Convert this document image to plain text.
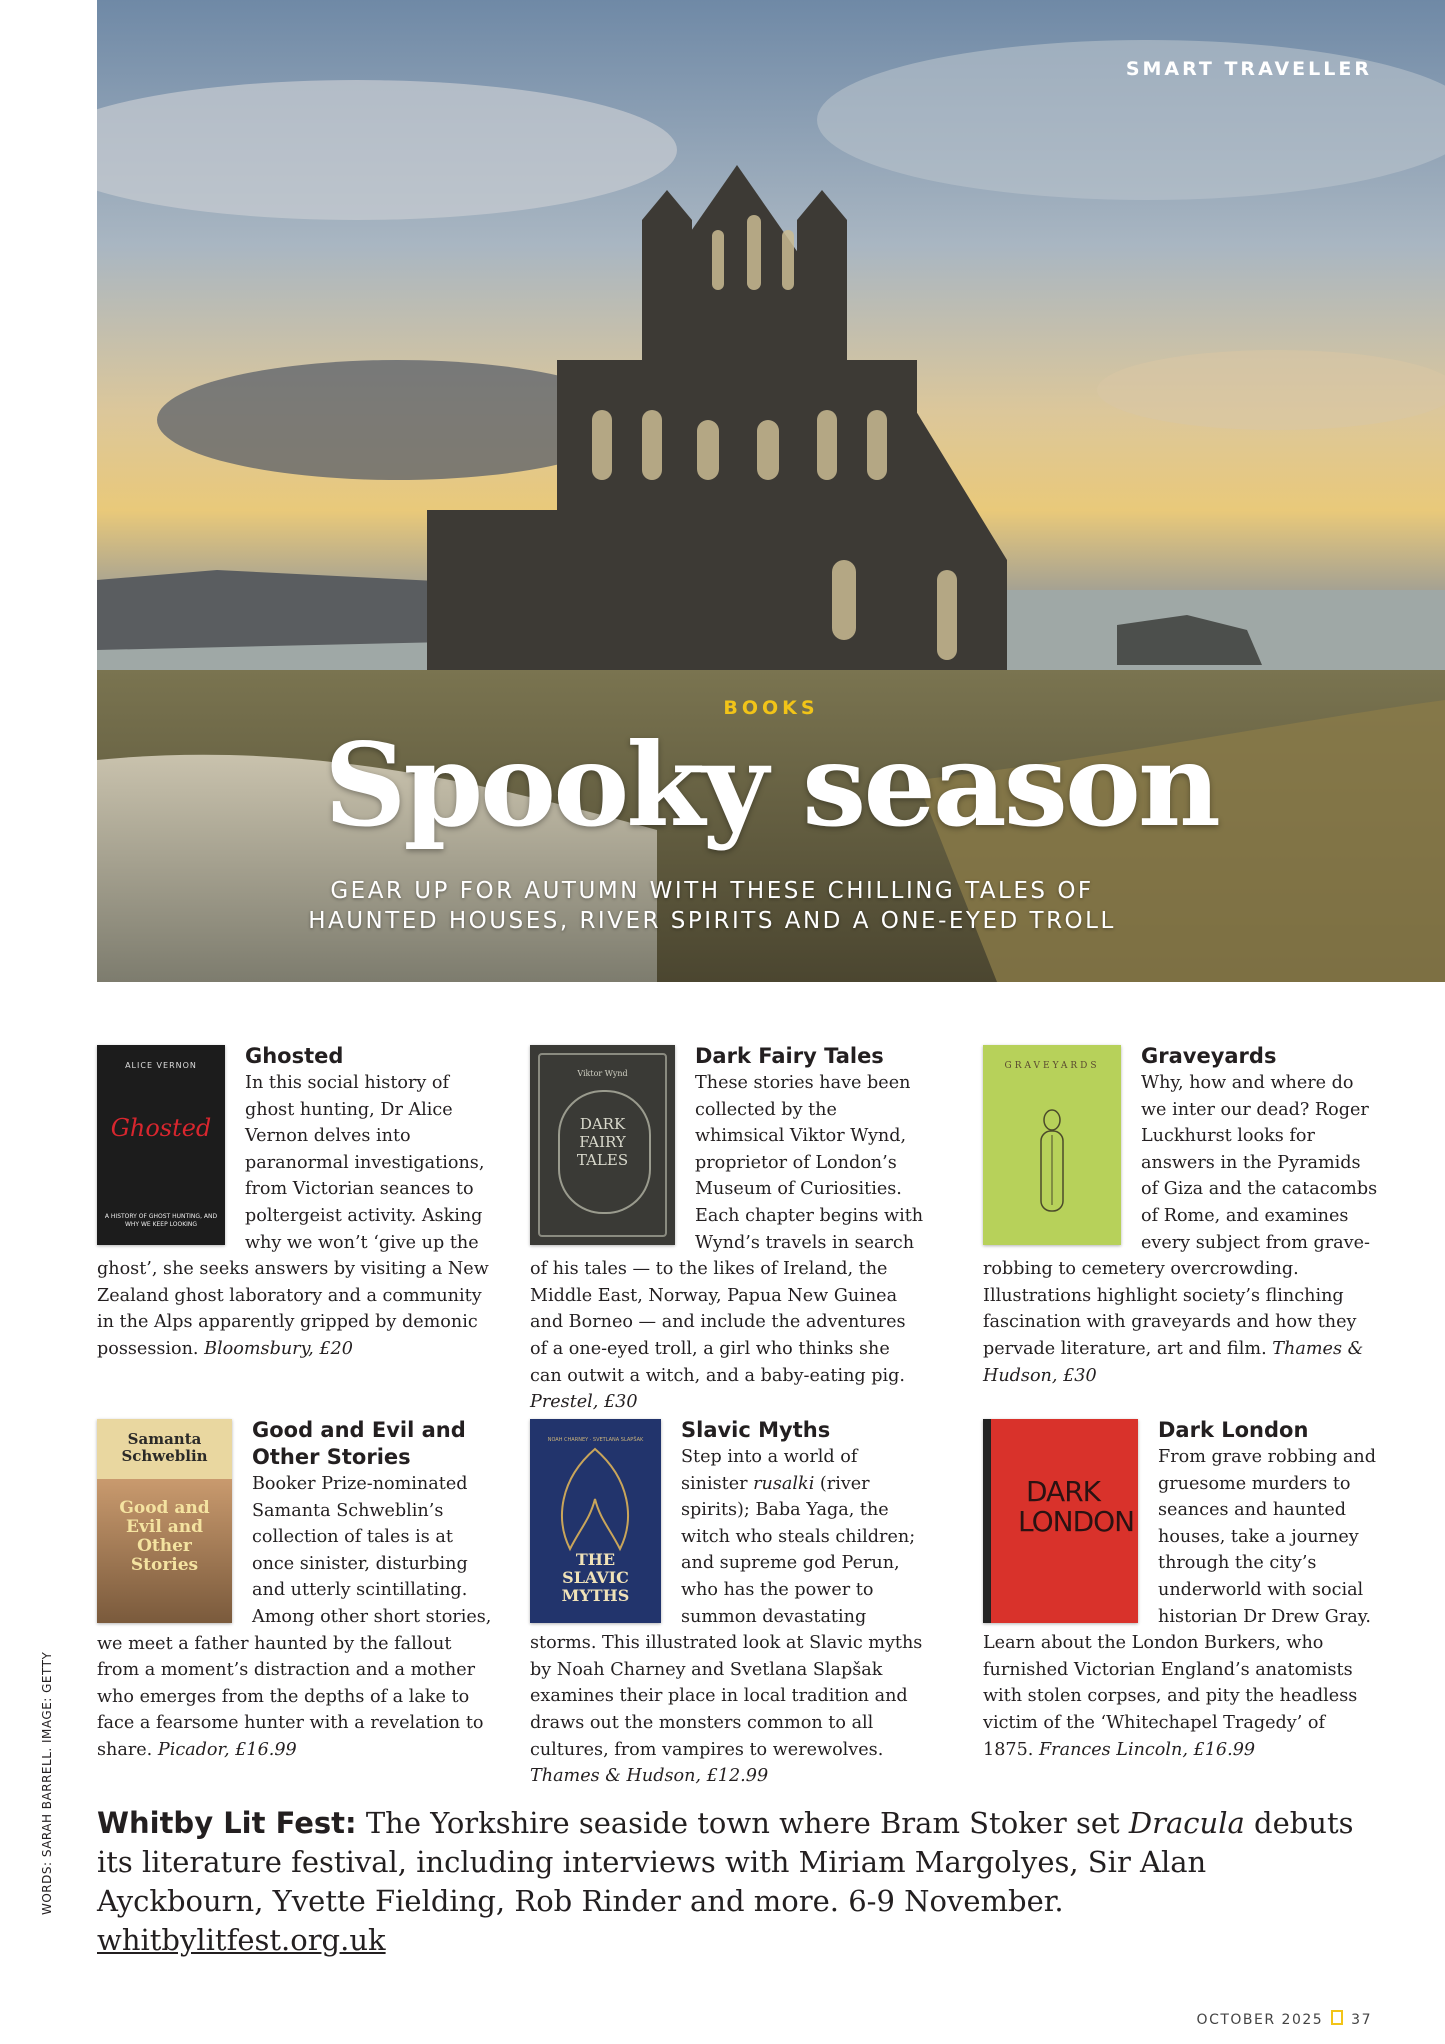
SMART TRAVELLER
BOOKS
Spooky season
GEAR UP FOR AUTUMN WITH THESE CHILLING TALES OF HAUNTED HOUSES, RIVER SPIRITS AND A ONE-EYED TROLL
ALICE VERNON
Ghosted
A HISTORY OF GHOST HUNTING, AND WHY WE KEEP LOOKING
Ghosted
In this social history of ghost hunting, Dr Alice Vernon delves into paranormal investigations, from Victorian seances to poltergeist activity. Asking why we won’t ‘give up the ghost’, she seeks answers by visiting a New Zealand ghost laboratory and a community in the Alps apparently gripped by demonic possession. Bloomsbury, £20
Viktor Wynd
DARK FAIRY TALES
Dark Fairy Tales
These stories have been collected by the whimsical Viktor Wynd, proprietor of London’s Museum of Curiosities. Each chapter begins with Wynd’s travels in search of his tales — to the likes of Ireland, the Middle East, Norway, Papua New Guinea and Borneo — and include the adventures of a one-eyed troll, a girl who thinks she can outwit a witch, and a baby-eating pig. Prestel, £30
GRAVEYARDS	Graveyards
Why, how and where do we inter our dead? Roger Luckhurst looks for answers in the Pyramids of Giza and the catacombs of Rome, and examines every subject from grave-robbing to cemetery overcrowding. Illustrations highlight society’s flinching fascination with graveyards and how they pervade literature, art and film. Thames & Hudson, £30
Samanta Schweblin
Good and Evil and Other Stories
Good and Evil and Other Stories
Booker Prize-nominated Samanta Schweblin’s collection of tales is at once sinister, disturbing and utterly scintillating. Among other short stories, we meet a father haunted by the fallout from a moment’s distraction and a mother who emerges from the depths of a lake to face a fearsome hunter with a revelation to share. Picador, £16.99
NOAH CHARNEY · SVETLANA SLAPŠAK
THE SLAVIC MYTHS
Slavic Myths
Step into a world of sinister rusalki (river spirits); Baba Yaga, the witch who steals children; and supreme god Perun, who has the power to summon devastating storms. This illustrated look at Slavic myths by Noah Charney and Svetlana Slapšak examines their place in local tradition and draws out the monsters common to all cultures, from vampires to werewolves. Thames & Hudson, £12.99
DARK LONDON
Dark London
From grave robbing and gruesome murders to seances and haunted houses, take a journey through the city’s underworld with social historian Dr Drew Gray. Learn about the London Burkers, who furnished Victorian England’s anatomists with stolen corpses, and pity the headless victim of the ‘Whitechapel Tragedy’ of 1875. Frances Lincoln, £16.99
Whitby Lit Fest: The Yorkshire seaside town where Bram Stoker set Dracula debuts its literature festival, including interviews with Miriam Margolyes, Sir Alan Ayckbourn, Yvette Fielding, Rob Rinder and more. 6-9 November. whitbylitfest.org.uk
WORDS: SARAH BARRELL. IMAGE: GETTY
OCTOBER 2025 37
